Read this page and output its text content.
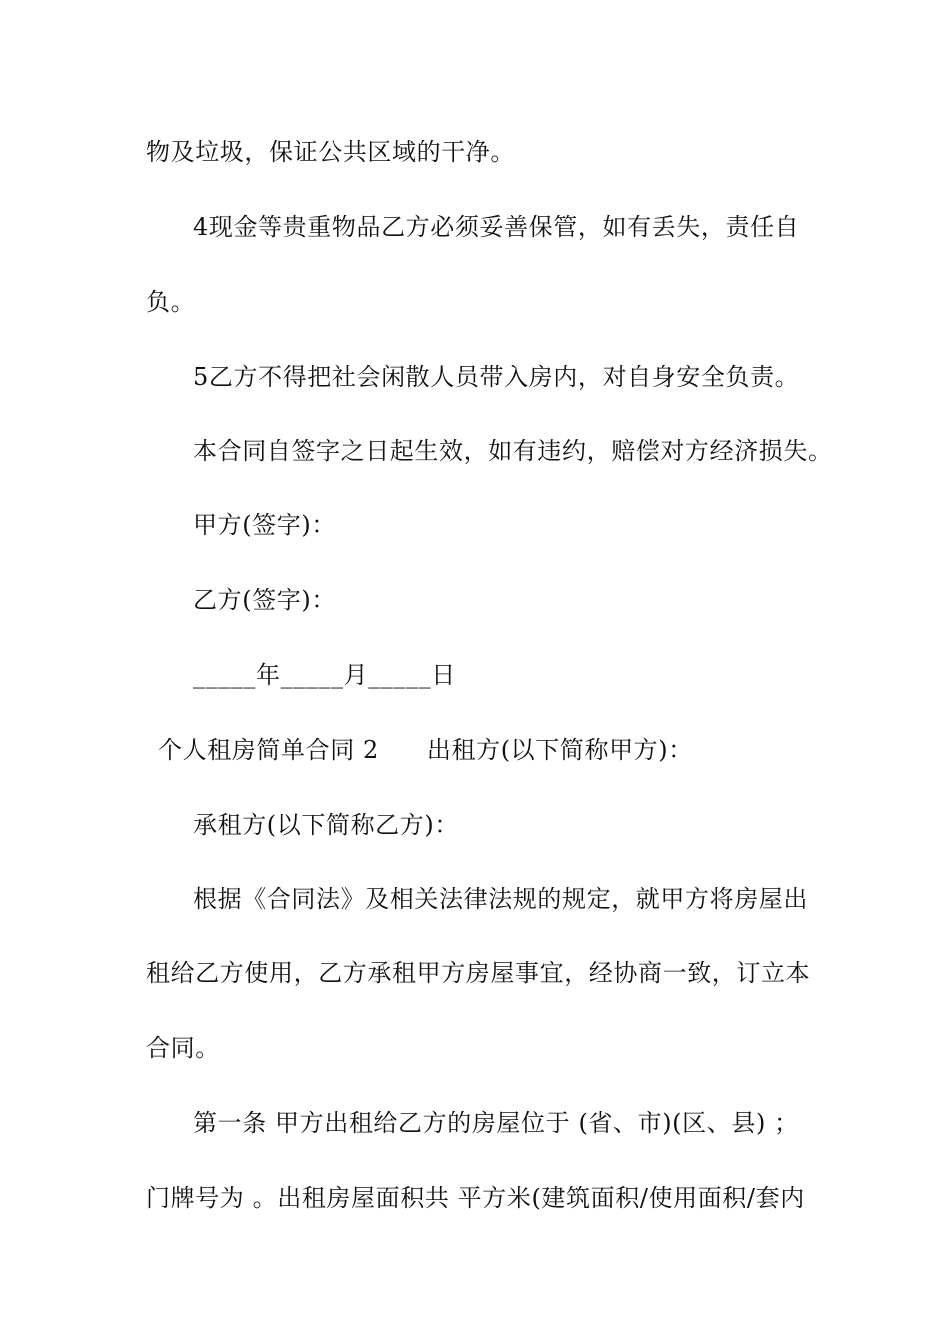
物及垃圾，保证公共区域的干净。
4现金等贵重物品乙方必须妥善保管，如有丢失，责任自
负。
5乙方不得把社会闲散人员带入房内，对自身安全负责。
本合同自签字之日起生效，如有违约，赔偿对方经济损失。
甲方(签字)：
乙方(签字)：
_____年_____月_____日
个人租房简单合同 2 出租方(以下简称甲方)：
承租方(以下简称乙方)：
根据《合同法》及相关法律法规的规定，就甲方将房屋出
租给乙方使用，乙方承租甲方房屋事宜，经协商一致，订立本
合同。
第一条 甲方出租给乙方的房屋位于 (省、市)(区、县) ；
门牌号为 。出租房屋面积共 平方米(建筑面积/使用面积/套内
